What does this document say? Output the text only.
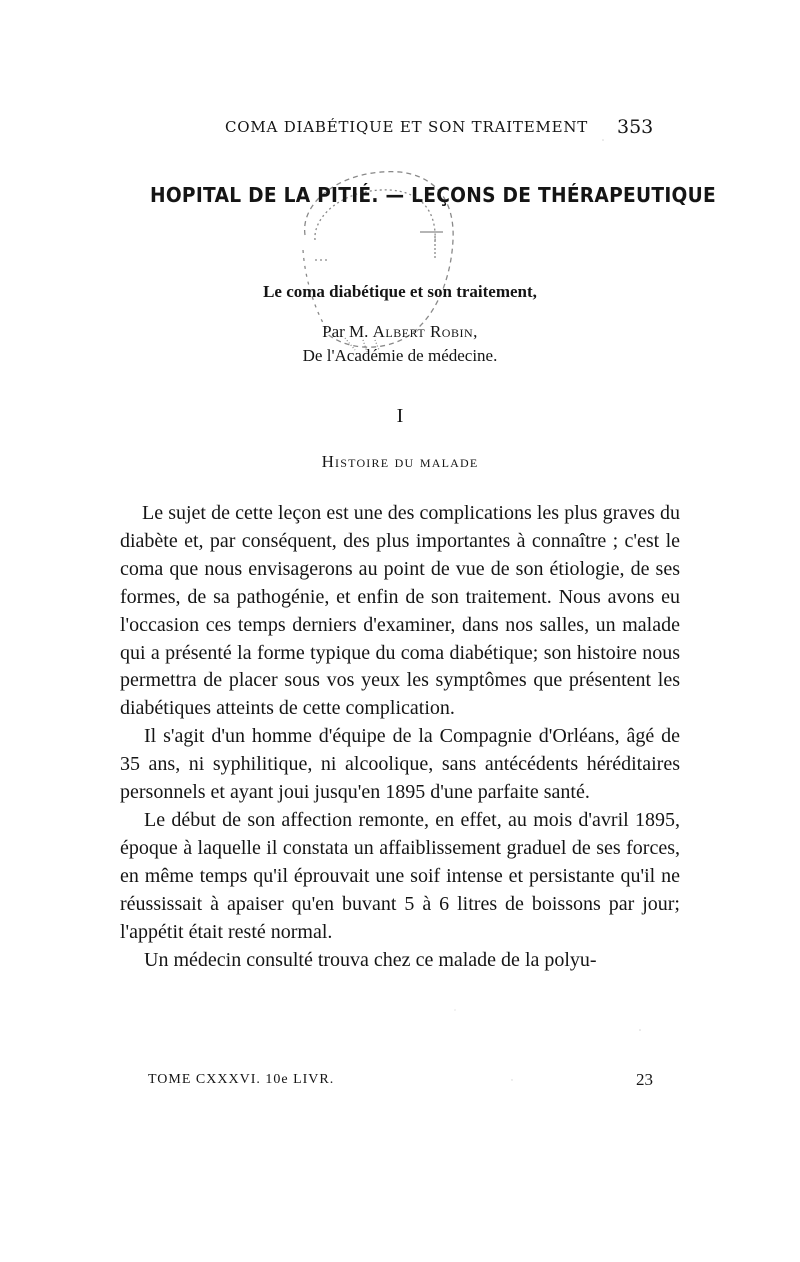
COMA DIABÉTIQUE ET SON TRAITEMENT 353
HOPITAL DE LA PITIÉ. — LEÇONS DE THÉRAPEUTIQUE
Le coma diabétique et son traitement,
Par M. Albert Robin,
De l'Académie de médecine.
I
Histoire du malade

Le sujet de cette leçon est une des complications les plus graves du diabète et, par conséquent, des plus importantes à connaître ; c'est le coma que nous envisagerons au point de vue de son étiologie, de ses formes, de sa pathogénie, et enfin de son traitement. Nous avons eu l'occasion ces temps derniers d'examiner, dans nos salles, un malade qui a présenté la forme typique du coma diabétique; son histoire nous permettra de placer sous vos yeux les symptômes que présentent les diabétiques atteints de cette complication.

Il s'agit d'un homme d'équipe de la Compagnie d'Orléans, âgé de 35 ans, ni syphilitique, ni alcoolique, sans antécédents héréditaires personnels et ayant joui jusqu'en 1895 d'une parfaite santé.

Le début de son affection remonte, en effet, au mois d'avril 1895, époque à laquelle il constata un affaiblissement graduel de ses forces, en même temps qu'il éprouvait une soif intense et persistante qu'il ne réussissait à apaiser qu'en buvant 5 à 6 litres de boissons par jour; l'appétit était resté normal.

Un médecin consulté trouva chez ce malade de la polyu-

TOME CXXXVI. 10e LIVR.	23
